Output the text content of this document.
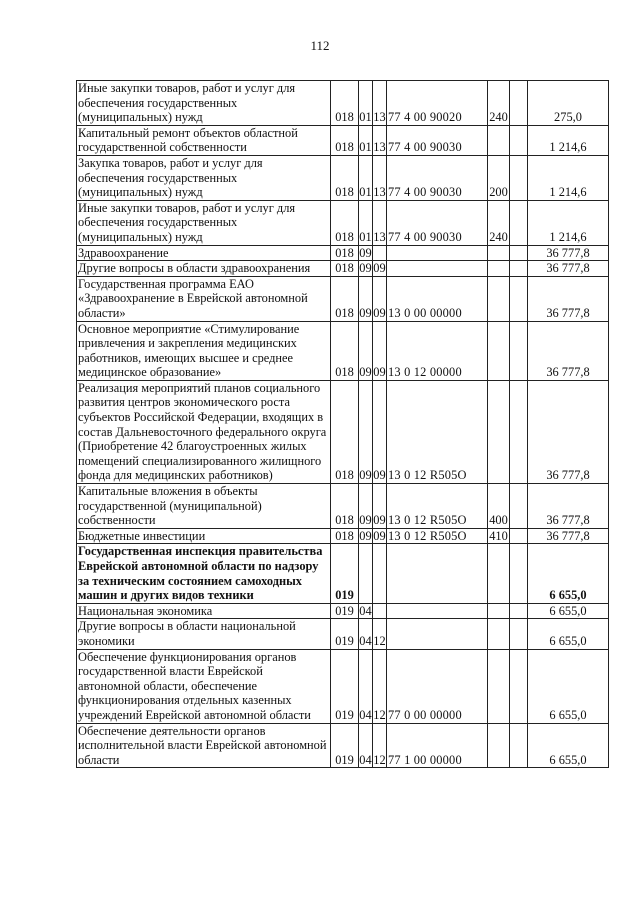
112
Иные закупки товаров, работ и услуг для обеспечения государственных (муниципальных) нужд	018	01	13	77 4 00 90020	240		275,0
Капитальный ремонт объектов областной государственной собственности	018	01	13	77 4 00 90030			1 214,6
Закупка товаров, работ и услуг для обеспечения государственных (муниципальных) нужд	018	01	13	77 4 00 90030	200		1 214,6
Иные закупки товаров, работ и услуг для обеспечения государственных (муниципальных) нужд	018	01	13	77 4 00 90030	240		1 214,6
Здравоохранение	018	09					36 777,8
Другие вопросы в области здравоохранения	018	09	09				36 777,8
Государственная программа ЕАО «Здравоохранение в Еврейской автономной области»	018	09	09	13 0 00 00000			36 777,8
Основное мероприятие «Стимулирование привлечения и закрепления медицинских работников, имеющих высшее и среднее медицинское образование»	018	09	09	13 0 12 00000			36 777,8
Реализация мероприятий планов социального развития центров экономического роста субъектов Российской Федерации, входящих в состав Дальневосточного федерального округа (Приобретение 42 благоустроенных жилых помещений специализированного жилищного фонда для медицинских работников)	018	09	09	13 0 12 R505O			36 777,8
Капитальные вложения в объекты государственной (муниципальной) собственности	018	09	09	13 0 12 R505O	400		36 777,8
Бюджетные инвестиции	018	09	09	13 0 12 R505O	410		36 777,8
Государственная инспекция правительства Еврейской автономной области по надзору за техническим состоянием самоходных машин и других видов техники	019						6 655,0
Национальная экономика	019	04					6 655,0
Другие вопросы в области национальной экономики	019	04	12				6 655,0
Обеспечение функционирования органов государственной власти Еврейской автономной области, обеспечение функционирования отдельных казенных учреждений Еврейской автономной области	019	04	12	77 0 00 00000			6 655,0
Обеспечение деятельности органов исполнительной власти Еврейской автономной области	019	04	12	77 1 00 00000			6 655,0
